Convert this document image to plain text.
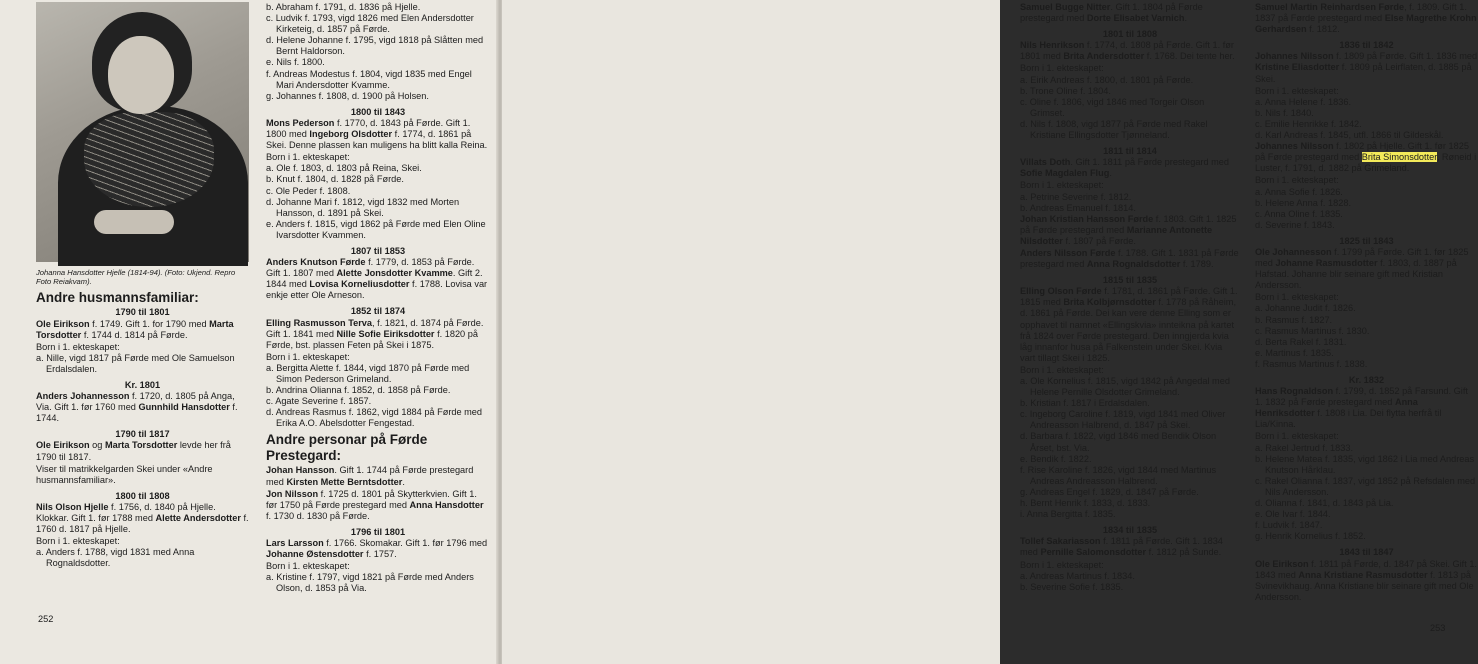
Johanna Hansdotter Hjelle (1814-94). (Foto: Ukjend. Repro Foto Reiakvam).
Andre husmannsfamiliar:
1790 til 1801
Ole Eirikson f. 1749. Gift 1. for 1790 med Marta Torsdotter f. 1744 d. 1814 på Førde.
Born i 1. ekteskapet:
a. Nille, vigd 1817 på Førde med Ole Samuelson Erdalsdalen.
Kr. 1801
Anders Johannesson f. 1720, d. 1805 på Anga, Via. Gift 1. før 1760 med Gunnhild Hansdotter f. 1744.
1790 til 1817
Ole Eirikson og Marta Torsdotter levde her frå 1790 til 1817.
Viser til matrikkelgarden Skei under «Andre husmannsfamiliar».
1800 til 1808
Nils Olson Hjelle f. 1756, d. 1840 på Hjelle. Klokkar. Gift 1. før 1788 med Alette Andersdotter f. 1760 d. 1817 på Hjelle.
Born i 1. ekteskapet:
a. Anders f. 1788, vigd 1831 med Anna Rognaldsdotter.
b. Abraham f. 1791, d. 1836 på Hjelle.
c. Ludvik f. 1793, vigd 1826 med Elen Andersdotter Kirketeig, d. 1857 på Førde.
d. Helene Johanne f. 1795, vigd 1818 på Slåtten med Bernt Haldorson.
e. Nils f. 1800.
f. Andreas Modestus f. 1804, vigd 1835 med Engel Mari Andersdotter Kvamme.
g. Johannes f. 1808, d. 1900 på Holsen.
1800 til 1843
Mons Pederson f. 1770, d. 1843 på Førde. Gift 1. 1800 med Ingeborg Olsdotter f. 1774, d. 1861 på Skei. Denne plassen kan muligens ha blitt kalla Reina.
Born i 1. ekteskapet:
a. Ole f. 1803, d. 1803 på Reina, Skei.
b. Knut f. 1804, d. 1828 på Førde.
c. Ole Peder f. 1808.
d. Johanne Mari f. 1812, vigd 1832 med Morten Hansson, d. 1891 på Skei.
e. Anders f. 1815, vigd 1862 på Førde med Elen Oline Ivarsdotter Kvammen.
1807 til 1853
Anders Knutson Førde f. 1779, d. 1853 på Førde. Gift 1. 1807 med Alette Jonsdotter Kvamme. Gift 2. 1844 med Lovisa Korneliusdotter f. 1788. Lovisa var enkje etter Ole Arneson.
1852 til 1874
Elling Rasmusson Terva, f. 1821, d. 1874 på Førde. Gift 1. 1841 med Nille Sofie Eiriksdotter f. 1820 på Førde, bst. plassen Feten på Skei i 1875.
Born i 1. ekteskapet:
a. Bergitta Alette f. 1844, vigd 1870 på Førde med Simon Pederson Grimeland.
b. Andrina Olianna f. 1852, d. 1858 på Førde.
c. Agate Severine f. 1857.
d. Andreas Rasmus f. 1862, vigd 1884 på Førde med Erika A.O. Abelsdotter Fengestad.
Andre personar på Førde Prestegard:
Johan Hansson. Gift 1. 1744 på Førde prestegard med Kirsten Mette Berntsdotter.
Jon Nilsson f. 1725 d. 1801 på Skytterkvien. Gift 1. før 1750 på Førde prestegard med Anna Hansdotter f. 1730 d. 1830 på Førde.
1796 til 1801
Lars Larsson f. 1766. Skomakar. Gift 1. før 1796 med Johanne Østensdotter f. 1757.
Born i 1. ekteskapet:
a. Kristine f. 1797, vigd 1821 på Førde med Anders Olson, d. 1853 på Via.
252
Samuel Bugge Nitter. Gift 1. 1804 på Førde prestegard med Dorte Elisabet Varnich.
1801 til 1808
Nils Henrikson f. 1774, d. 1808 på Førde. Gift 1. før 1801 med Brita Andersdotter f. 1768. Dei tente her.
Born i 1. ekteskapet:
a. Eirik Andreas f. 1800, d. 1801 på Førde.
b. Trone Oline f. 1804.
c. Oline f. 1806, vigd 1846 med Torgeir Olson Grimset.
d. Nils f. 1808, vigd 1877 på Førde med Rakel Kristiane Ellingsdotter Tjønneland.
1811 til 1814
Villats Doth. Gift 1. 1811 på Førde prestegard med Sofie Magdalen Flug.
Born i 1. ekteskapet:
a. Petrine Severine f. 1812.
b. Andreas Emanuel f. 1814.
Johan Kristian Hansson Førde f. 1803. Gift 1. 1825 på Førde prestegard med Marianne Antonette Nilsdotter f. 1807 på Førde.
Anders Nilsson Førde f. 1788. Gift 1. 1831 på Førde prestegard med Anna Rognaldsdotter f. 1789.
1815 til 1835
Elling Olson Førde f. 1781, d. 1861 på Førde. Gift 1. 1815 med Brita Kolbjørnsdotter f. 1778 på Råheim, d. 1861 på Førde. Dei kan vere denne Elling som er opphavet til namnet «Ellingskvia» innteikna på kartet frå 1824 over Førde prestegard. Den inngjerda kvia låg innanfor husa på Falkenstein under Skei. Kvia vart tillagt Skei i 1825.
Born i 1. ekteskapet:
a. Ole Kornelius f. 1815, vigd 1842 på Angedal med Helene Pernille Olsdotter Grimeland.
b. Kristian f. 1817 i Erdalsdalen.
c. Ingeborg Caroline f. 1819, vigd 1841 med Oliver Andreasson Halbrend, d. 1847 på Skei.
d. Barbara f. 1822, vigd 1846 med Bendik Olson Årset, bst. Via.
e. Bendik f. 1822.
f. Rise Karoline f. 1826, vigd 1844 med Martinus Andreas Andreasson Halbrend.
g. Andreas Engel f. 1829, d. 1847 på Førde.
h. Bernt Henrik f. 1833, d. 1833.
i. Anna Bergitta f. 1835.
1834 til 1835
Tollef Sakariasson f. 1811 på Førde. Gift 1. 1834 med Pernille Salomonsdotter f. 1812 på Sunde.
Born i 1. ekteskapet:
a. Andreas Martinus f. 1834.
b. Severine Sofie f. 1835.
Samuel Martin Reinhardsen Førde, f. 1809. Gift 1. 1837 på Førde prestegard med Else Magrethe Krohn Gerhardsen f. 1812.
1836 til 1842
Johannes Nilsson f. 1809 på Førde. Gift 1. 1836 med Kristine Eliasdotter f. 1809 på Leirflaten, d. 1885 på Skei.
Born i 1. ekteskapet:
a. Anna Helene f. 1836.
b. Nils f. 1840.
c. Emilie Henrikke f. 1842.
d. Karl Andreas f. 1845, utfl. 1866 til Gildeskål.
Johannes Nilsson f. 1802 på Hjelle. Gift 1. før 1825 på Førde prestegard med Brita Simonsdotter, Røneid i Luster, f. 1791, d. 1882 på Grimeland.
Born i 1. ekteskapet:
a. Anna Sofie f. 1826.
b. Helene Anna f. 1828.
c. Anna Oline f. 1835.
d. Severine f. 1843.
1825 til 1843
Ole Johannesson f. 1799 på Førde. Gift 1. før 1825 med Johanne Rasmusdotter f. 1803, d. 1887 på Hafstad. Johanne blir seinare gift med Kristian Andersson.
Born i 1. ekteskapet:
a. Johanne Judit f. 1826.
b. Rasmus f. 1827.
c. Rasmus Martinus f. 1830.
d. Berta Rakel f. 1831.
e. Martinus f. 1835.
f. Rasmus Martinus f. 1838.
Kr. 1832
Hans Rognaldson f. 1799, d. 1852 på Farsund. Gift 1. 1832 på Førde prestegard med Anna Henriksdotter f. 1808 i Lia. Dei flytta herfrå til Lia/Kinna.
Born i 1. ekteskapet:
a. Rakel Jertrud f. 1833.
b. Helene Matea f. 1835, vigd 1862 i Lia med Andreas Knutson Hårklau.
c. Rakel Olianna f. 1837, vigd 1852 på Refsdalen med Nils Andersson.
d. Olianna f. 1841, d. 1843 på Lia.
e. Ole Ivar f. 1844.
f. Ludvik f. 1847.
g. Henrik Kornelius f. 1852.
1843 til 1847
Ole Eirikson f. 1811 på Førde, d. 1847 på Skei. Gift 1. 1843 med Anna Kristiane Rasmusdotter f. 1813 på Svinevikhaug. Anna Kristiane blir seinare gift med Ole Andersson.
253
